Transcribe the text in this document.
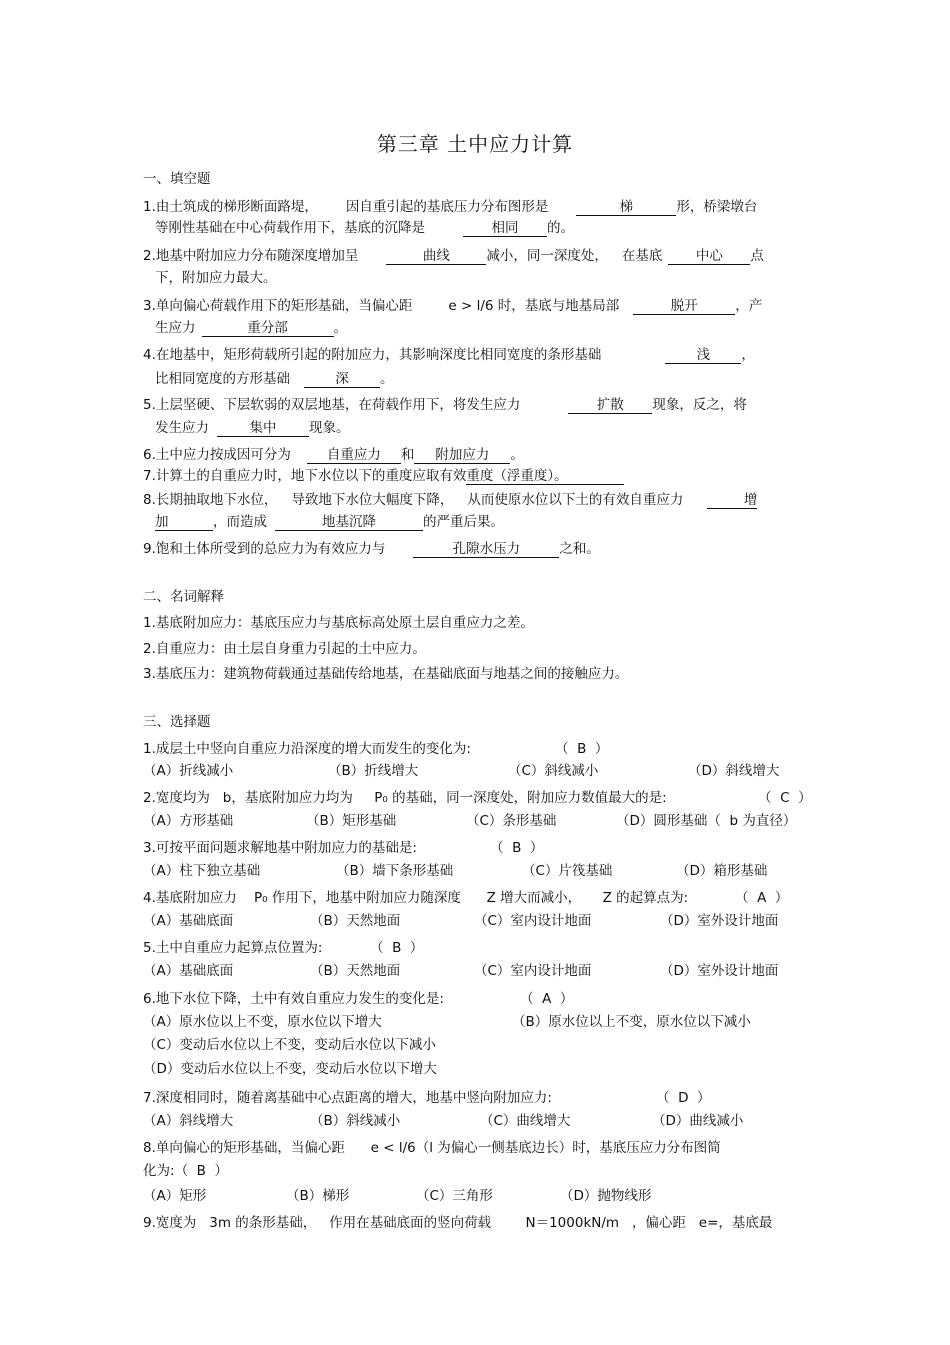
第三章 土中应力计算
一、填空题
1.由土筑成的梯形断面路堤， 因自重引起的基底压力分布图形是	梯	形，桥梁墩台
等刚性基础在中心荷载作用下，基底的沉降是	相同 的。
2.地基中附加应力分布随深度增加呈	曲线	减小，同一深度处， 在基底 中心 点
下，附加应力最大。
3.单向偏心荷载作用下的矩形基础，当偏心距	e > l/6 时，基底与地基局部	脱开	，产
生应力	重分部	。
4.在地基中，矩形荷载所引起的附加应力，其影响深度比相同宽度的条形基础	浅 ，
比相同宽度的方形基础	深 。
5.上层坚硬、下层软弱的双层地基，在荷载作用下，将发生应力	扩散 现象，反之，将
发生应力	集中 现象。
6.土中应力按成因可分为	自重应力 和 附加应力 。
7.计算土的自重应力时，地下水位以下的重度应取有效重度（浮重度）。
8.长期抽取地下水位， 导致地下水位大幅度下降， 从而使原水位以下土的有效自重应力	增
加	，而造成	地基沉降	的严重后果。
9.饱和土体所受到的总应力为有效应力与	孔隙水压力	之和。
二、名词解释
1.基底附加应力：基底压应力与基底标高处原土层自重应力之差。
2.自重应力：由土层自身重力引起的土中应力。
3.基底压力：建筑物荷载通过基础传给地基，在基础底面与地基之间的接触应力。
三、选择题
1.成层土中竖向自重应力沿深度的增大而发生的变化为:	（  B  ）
（A）折线减小	（B）折线增大	（C）斜线减小	（D）斜线增大
2.宽度均为   b，基底附加应力均为     P₀ 的基础，同一深度处，附加应力数值最大的是:	（  C  ）
（A）方形基础	（B）矩形基础	（C）条形基础	（D）圆形基础（  b 为直径）
3.可按平面问题求解地基中附加应力的基础是:	（  B  ）
（A）柱下独立基础	（B）墙下条形基础	（C）片筏基础	（D）箱形基础
4.基底附加应力    P₀ 作用下，地基中附加应力随深度      Z 增大而减小，     Z 的起算点为:	（  A  ）
（A）基础底面	（B）天然地面	（C）室内设计地面	（D）室外设计地面
5.土中自重应力起算点位置为:	（  B  ）
（A）基础底面	（B）天然地面	（C）室内设计地面	（D）室外设计地面
6.地下水位下降，土中有效自重应力发生的变化是:	（  A  ）
（A）原水位以上不变，原水位以下增大	（B）原水位以上不变，原水位以下减小
（C）变动后水位以上不变，变动后水位以下减小
（D）变动后水位以上不变，变动后水位以下增大
7.深度相同时，随着离基础中心点距离的增大，地基中竖向附加应力:	（  D  ）
（A）斜线增大	（B）斜线减小	（C）曲线增大	（D）曲线减小
8.单向偏心的矩形基础，当偏心距      e < l/6（l 为偏心一侧基底边长）时，基底压应力分布图简
化为:（  B  ）
（A）矩形	（B）梯形	（C）三角形	（D）抛物线形
9.宽度为   3m 的条形基础，   作用在基础底面的竖向荷载        N＝1000kN/m   ，偏心距   e=，基底最
